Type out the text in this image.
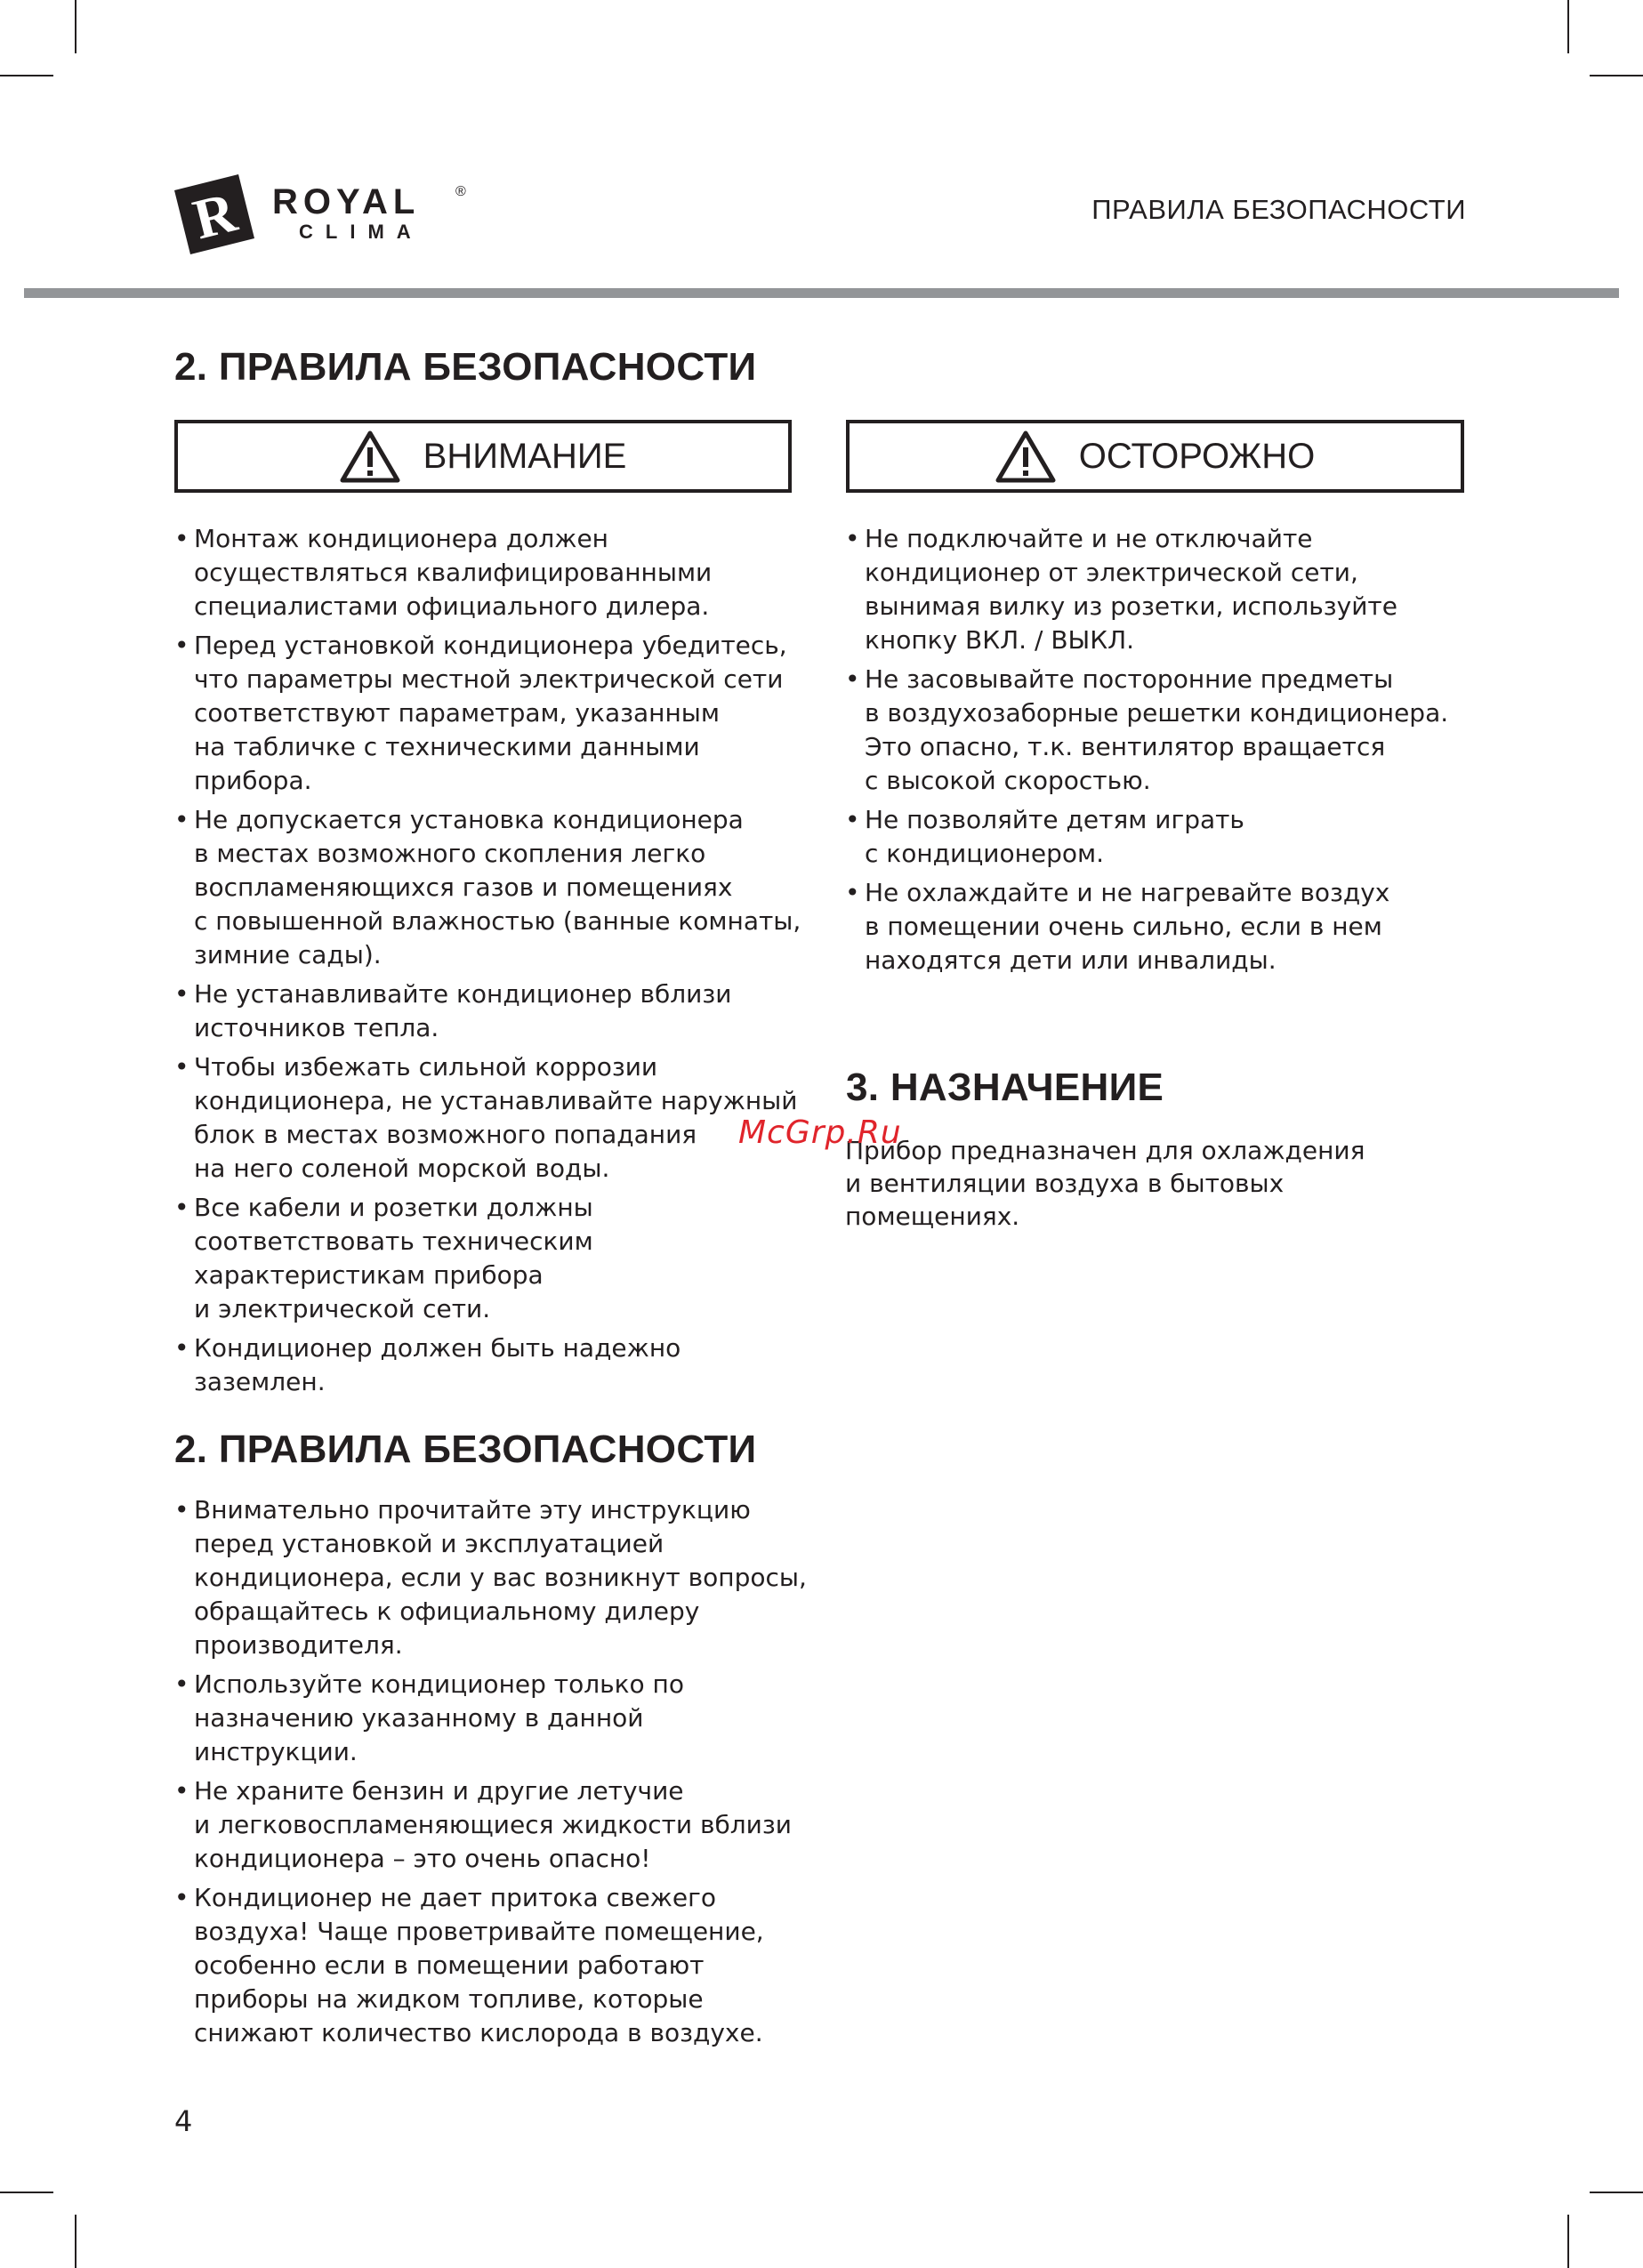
R ROYAL ®
CLIMA
ПРАВИЛА БЕЗОПАСНОСТИ
2. ПРАВИЛА БЕЗОПАСНОСТИ
ВНИМАНИЕ	ОСТОРОЖНО
• Монтаж кондиционера должен
осуществляться квалифицированными
специалистами официального дилера.
• Перед установкой кондиционера убедитесь,
что параметры местной электрической сети
соответствуют параметрам, указанным
на табличке с техническими данными
прибора.
• Не допускается установка кондиционера
в местах возможного скопления легко
воспламеняющихся газов и помещениях
с повышенной влажностью (ванные комнаты,
зимние сады).
• Не устанавливайте кондиционер вблизи
источников тепла.
• Чтобы избежать сильной коррозии
кондиционера, не устанавливайте наружный
блок в местах возможного попадания
на него соленой морской воды.
• Все кабели и розетки должны
соответствовать техническим
характеристикам прибора
и электрической сети.
• Кондиционер должен быть надежно
заземлен.
• Не подключайте и не отключайте
кондиционер от электрической сети,
вынимая вилку из розетки, используйте
кнопку ВКЛ. / ВЫКЛ.
• Не засовывайте посторонние предметы
в воздухозаборные решетки кондиционера.
Это опасно, т.к. вентилятор вращается
с высокой скоростью.
• Не позволяйте детям играть
с кондиционером.
• Не охлаждайте и не нагревайте воздух
в помещении очень сильно, если в нем
находятся дети или инвалиды.
3. НАЗНАЧЕНИЕ

Прибор предназначен для охлаждения
и вентиляции воздуха в бытовых
помещениях.

McGrp.Ru
2. ПРАВИЛА БЕЗОПАСНОСТИ
• Внимательно прочитайте эту инструкцию
перед установкой и эксплуатацией
кондиционера, если у вас возникнут вопросы,
обращайтесь к официальному дилеру
производителя.
• Используйте кондиционер только по
назначению указанному в данной
инструкции.
• Не храните бензин и другие летучие
и легковоспламеняющиеся жидкости вблизи
кондиционера – это очень опасно!
• Кондиционер не дает притока свежего
воздуха! Чаще проветривайте помещение,
особенно если в помещении работают
приборы на жидком топливе, которые
снижают количество кислорода в воздухе.
4
